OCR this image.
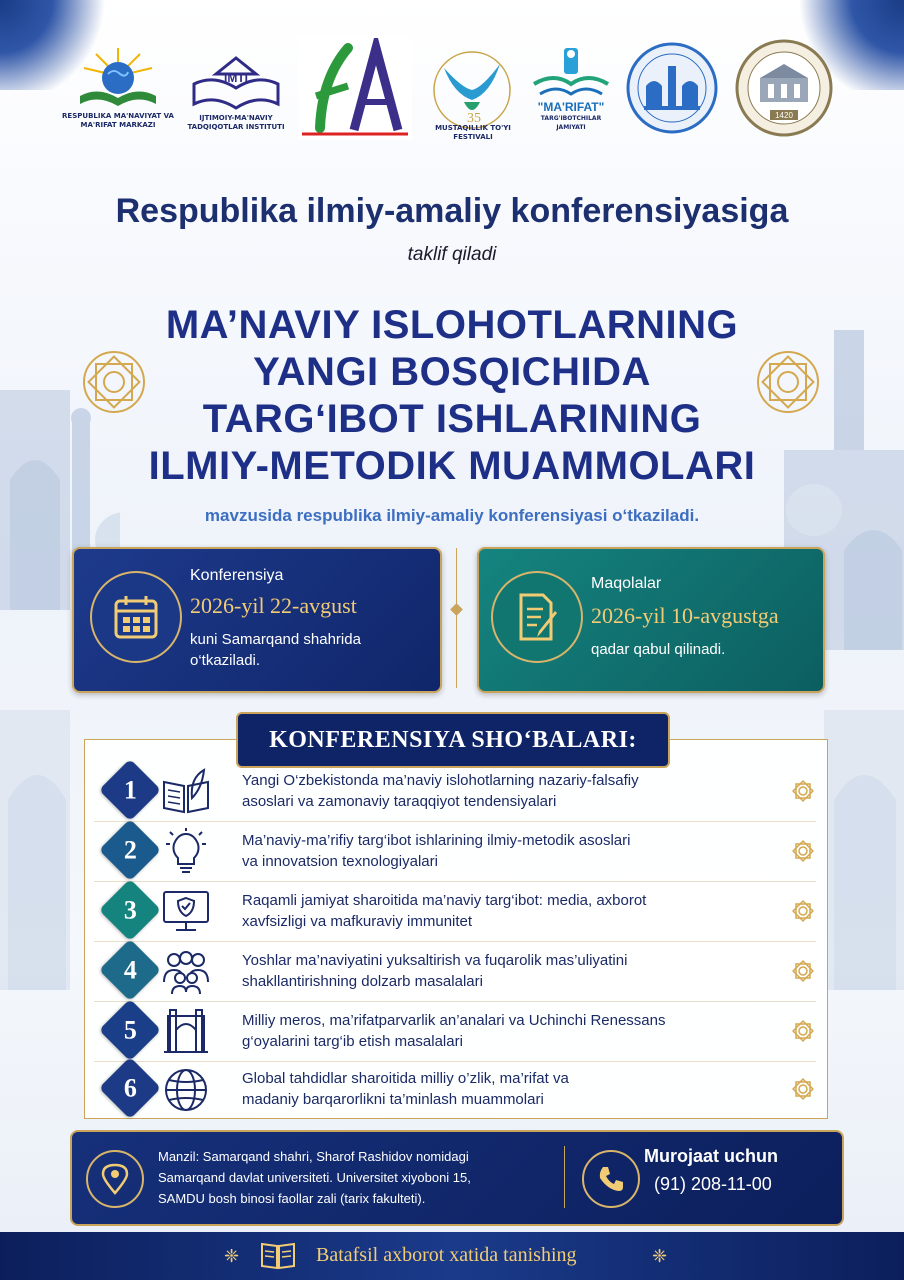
RESPUBLIKA MA'NAVIYAT VA MA'RIFAT MARKAZI
IMTI
IJTIMOIY-MA'NAVIY TADQIQOTLAR INSTITUTI
35
MUSTAQILLIK TO'YI FESTIVALI
"MA'RIFAT"
TARG'IBOTCHILAR JAMIYATI
1420
Respublika ilmiy-amaliy konferensiyasiga
taklif qiladi
MA’NAVIY ISLOHOTLARNING
YANGI BOSQICHIDA
TARG‘IBOT ISHLARINING
ILMIY-METODIK MUAMMOLARI
mavzusida respublika ilmiy-amaliy konferensiyasi o‘tkaziladi.
Konferensiya
2026-yil 22-avgust
kuni Samarqand shahrida
o‘tkaziladi.
Maqolalar
2026-yil 10-avgustga
qadar qabul qilinadi.
KONFERENSIYA SHO‘BALARI:
1	Yangi O‘zbekistonda ma’naviy islohotlarning nazariy-falsafiy
asoslari va zamonaviy taraqqiyot tendensiyalari
2	Ma’naviy-ma’rifiy targ‘ibot ishlarining ilmiy-metodik asoslari
va innovatsion texnologiyalari
3	Raqamli jamiyat sharoitida ma’naviy targ‘ibot: media, axborot
xavfsizligi va mafkuraviy immunitet
4	Yoshlar ma’naviyatini yuksaltirish va fuqarolik mas’uliyatini
shakllantirishning dolzarb masalalari
5	Milliy meros, ma’rifatparvarlik an’analari va Uchinchi Renessans
g‘oyalarini targ‘ib etish masalalari
6	Global tahdidlar sharoitida milliy o’zlik, ma’rifat va
madaniy barqarorlikni ta’minlash muammolari
Manzil: Samarqand shahri, Sharof Rashidov nomidagi
Samarqand davlat universiteti. Universitet xiyoboni 15,
SAMDU bosh binosi faollar zali (tarix fakulteti).
Murojaat uchun
(91) 208-11-00
❈	Batafsil axborot xatida tanishing	❈
